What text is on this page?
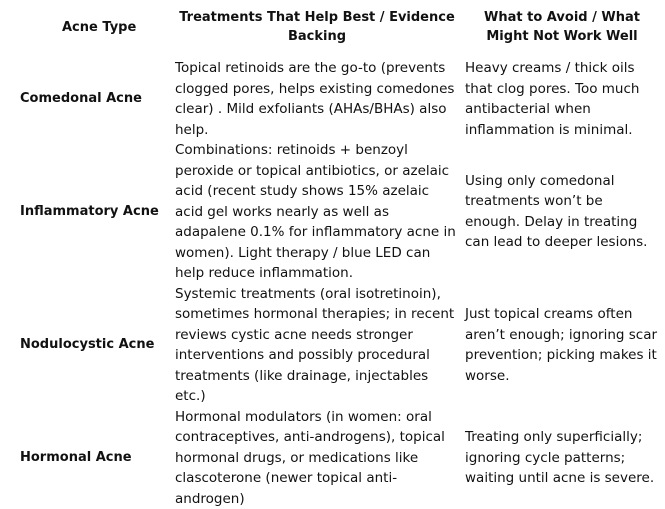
Acne Type	Treatments That Help Best / Evidence Backing	What to Avoid / What Might Not Work Well
Comedonal Acne	Topical retinoids are the go-to (prevents clogged pores, helps existing comedones clear) . Mild exfoliants (AHAs/BHAs) also help.	Heavy creams / thick oils that clog pores. Too much antibacterial when inflammation is minimal.
Inflammatory Acne	Combinations: retinoids + benzoyl peroxide or topical antibiotics, or azelaic acid (recent study shows 15% azelaic acid gel works nearly as well as adapalene 0.1% for inflammatory acne in women). Light therapy / blue LED can help reduce inflammation.	Using only comedonal treatments won’t be enough. Delay in treating can lead to deeper lesions.
Nodulocystic Acne	Systemic treatments (oral isotretinoin), sometimes hormonal therapies; in recent reviews cystic acne needs stronger interventions and possibly procedural treatments (like drainage, injectables etc.)	Just topical creams often aren’t enough; ignoring scar prevention; picking makes it worse.
Hormonal Acne	Hormonal modulators (in women: oral contraceptives, anti-androgens), topical hormonal drugs, or medications like clascoterone (newer topical anti-androgen)	Treating only superficially; ignoring cycle patterns; waiting until acne is severe.
